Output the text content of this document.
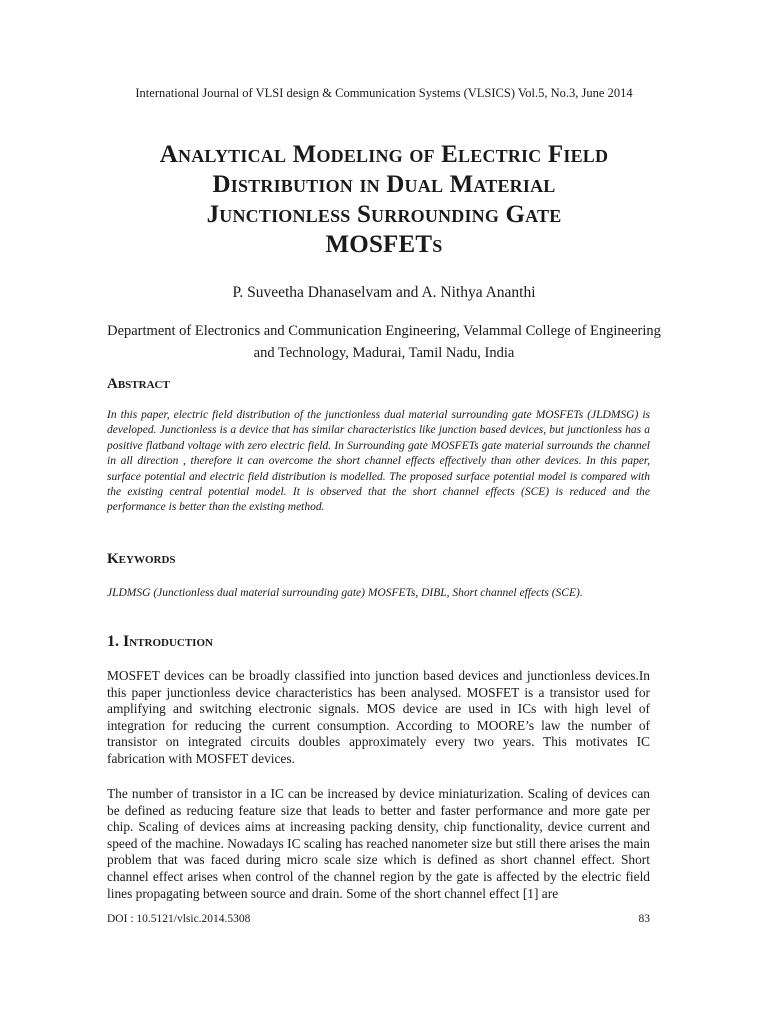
International Journal of VLSI design & Communication Systems (VLSICS) Vol.5, No.3, June 2014
Analytical Modeling of Electric Field
Distribution in Dual Material
Junctionless Surrounding Gate
MOSFETs
P. Suveetha Dhanaselvam and A. Nithya Ananthi
Department of Electronics and Communication Engineering, Velammal College of Engineering and Technology, Madurai, Tamil Nadu, India
Abstract
In this paper, electric field distribution of the junctionless dual material surrounding gate MOSFETs (JLDMSG) is developed. Junctionless is a device that has similar characteristics like junction based devices, but junctionless has a positive flatband voltage with zero electric field. In Surrounding gate MOSFETs gate material surrounds the channel in all direction , therefore it can overcome the short channel effects effectively than other devices. In this paper, surface potential and electric field distribution is modelled. The proposed surface potential model is compared with the existing central potential model. It is observed that the short channel effects (SCE) is reduced and the performance is better than the existing method.
Keywords
JLDMSG (Junctionless dual material surrounding gate) MOSFETs, DIBL, Short channel effects (SCE).
1. Introduction
MOSFET devices can be broadly classified into junction based devices and junctionless devices.In this paper junctionless device characteristics has been analysed. MOSFET is a transistor used for amplifying and switching electronic signals. MOS device are used in ICs with high level of integration for reducing the current consumption. According to MOORE’s law the number of transistor on integrated circuits doubles approximately every two years. This motivates IC fabrication with MOSFET devices.
The number of transistor in a IC can be increased by device miniaturization. Scaling of devices can be defined as reducing feature size that leads to better and faster performance and more gate per chip. Scaling of devices aims at increasing packing density, chip functionality, device current and speed of the machine. Nowadays IC scaling has reached nanometer size but still there arises the main problem that was faced during micro scale size which is defined as short channel effect. Short channel effect arises when control of the channel region by the gate is affected by the electric field lines propagating between source and drain. Some of the short channel effect [1] are
DOI : 10.5121/vlsic.2014.5308	83
